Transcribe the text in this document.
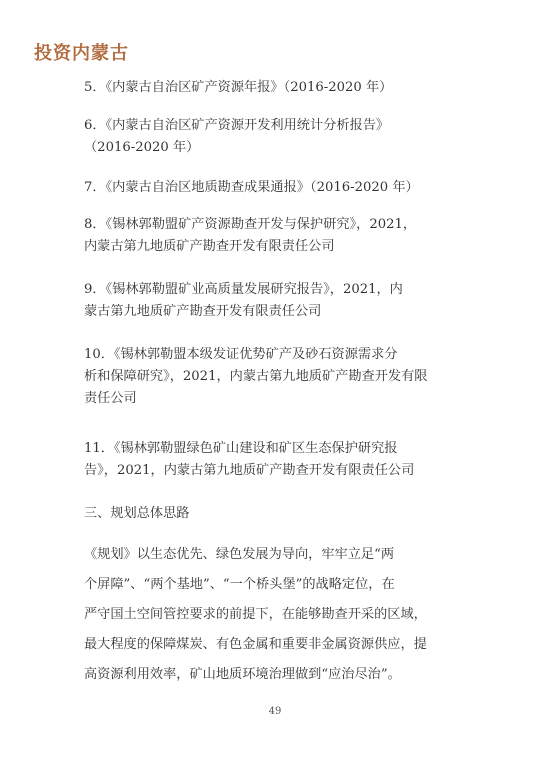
投资内蒙古
5．《内蒙古自治区矿产资源年报》（2016-2020 年）
6．《内蒙古自治区矿产资源开发利用统计分析报告》
（2016-2020 年）
7．《内蒙古自治区地质勘查成果通报》（2016-2020 年）
8．《锡林郭勒盟矿产资源勘查开发与保护研究》，2021，
内蒙古第九地质矿产勘查开发有限责任公司
9．《锡林郭勒盟矿业高质量发展研究报告》，2021，内
蒙古第九地质矿产勘查开发有限责任公司
10．《锡林郭勒盟本级发证优势矿产及砂石资源需求分
析和保障研究》，2021，内蒙古第九地质矿产勘查开发有限
责任公司
11．《锡林郭勒盟绿色矿山建设和矿区生态保护研究报
告》，2021，内蒙古第九地质矿产勘查开发有限责任公司
三、规划总体思路
《规划》以生态优先、绿色发展为导向，牢牢立足“两
个屏障”、“两个基地”、“一个桥头堡”的战略定位，在
严守国土空间管控要求的前提下，在能够勘查开采的区域，
最大程度的保障煤炭、有色金属和重要非金属资源供应，提
高资源利用效率，矿山地质环境治理做到“应治尽治”。
49
